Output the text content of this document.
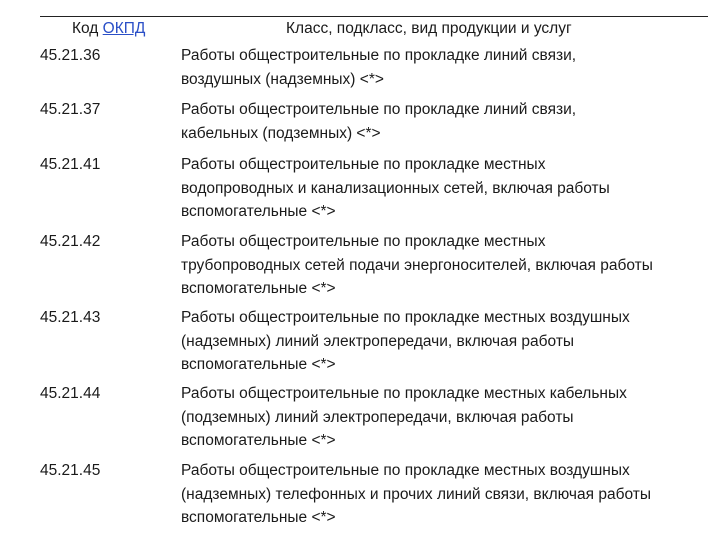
Код ОКПД	Класс, подкласс, вид продукции и услуг
45.21.36	Работы общестроительные по прокладке линий связи,
воздушных (надземных) <*>
45.21.37	Работы общестроительные по прокладке линий связи,
кабельных (подземных) <*>
45.21.41	Работы общестроительные по прокладке местных
водопроводных и канализационных сетей, включая работы
вспомогательные <*>
45.21.42	Работы общестроительные по прокладке местных
трубопроводных сетей подачи энергоносителей, включая работы
вспомогательные <*>
45.21.43	Работы общестроительные по прокладке местных воздушных
(надземных) линий электропередачи, включая работы
вспомогательные <*>
45.21.44	Работы общестроительные по прокладке местных кабельных
(подземных) линий электропередачи, включая работы
вспомогательные <*>
45.21.45	Работы общестроительные по прокладке местных воздушных
(надземных) телефонных и прочих линий связи, включая работы
вспомогательные <*>
